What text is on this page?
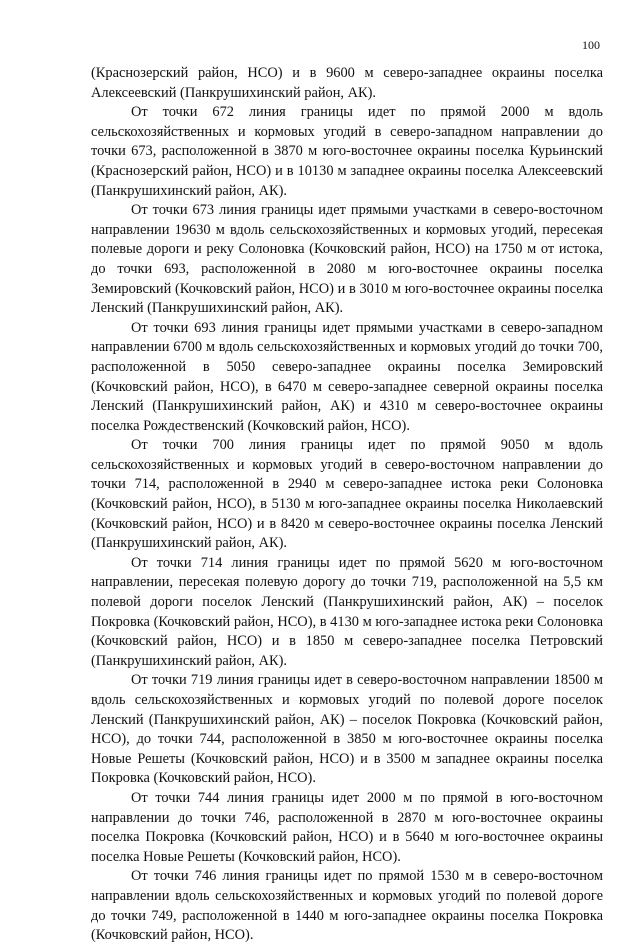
100

(Краснозерский район, НСО) и в 9600 м северо-западнее окраины поселка Алексеевский (Панкрушихинский район, АК).

От точки 672 линия границы идет по прямой 2000 м вдоль сельскохозяйственных и кормовых угодий в северо-западном направлении до точки 673, расположенной в 3870 м юго-восточнее окраины поселка Курьинский (Краснозерский район, НСО) и в 10130 м западнее окраины поселка Алексеевский (Панкрушихинский район, АК).

От точки 673 линия границы идет прямыми участками в северо-восточном направлении 19630 м вдоль сельскохозяйственных и кормовых угодий, пересекая полевые дороги и реку Солоновка (Кочковский район, НСО) на 1750 м от истока, до точки 693, расположенной в 2080 м юго-восточнее окраины поселка Земировский (Кочковский район, НСО) и в 3010 м юго-восточнее окраины поселка Ленский (Панкрушихинский район, АК).

От точки 693 линия границы идет прямыми участками в северо-западном направлении 6700 м вдоль сельскохозяйственных и кормовых угодий до точки 700, расположенной в 5050 северо-западнее окраины поселка Земировский (Кочковский район, НСО), в 6470 м северо-западнее северной окраины поселка Ленский (Панкрушихинский район, АК) и 4310 м северо-восточнее окраины поселка Рождественский (Кочковский район, НСО).

От точки 700 линия границы идет по прямой 9050 м вдоль сельскохозяйственных и кормовых угодий в северо-восточном направлении до точки 714, расположенной в 2940 м северо-западнее истока реки Солоновка (Кочковский район, НСО), в 5130 м юго-западнее окраины поселка Николаевский (Кочковский район, НСО) и в 8420 м северо-восточнее окраины поселка Ленский (Панкрушихинский район, АК).

От точки 714 линия границы идет по прямой 5620 м юго-восточном направлении, пересекая полевую дорогу до точки 719, расположенной на 5,5 км полевой дороги поселок Ленский (Панкрушихинский район, АК) – поселок Покровка (Кочковский район, НСО), в 4130 м юго-западнее истока реки Солоновка (Кочковский район, НСО) и в 1850 м северо-западнее поселка Петровский (Панкрушихинский район, АК).

От точки 719 линия границы идет в северо-восточном направлении 18500 м вдоль сельскохозяйственных и кормовых угодий по полевой дороге поселок Ленский (Панкрушихинский район, АК) – поселок Покровка (Кочковский район, НСО), до точки 744, расположенной в 3850 м юго-восточнее окраины поселка Новые Решеты (Кочковский район, НСО) и в 3500 м западнее окраины поселка Покровка (Кочковский район, НСО).

От точки 744 линия границы идет 2000 м по прямой в юго-восточном направлении до точки 746, расположенной в 2870 м юго-восточнее окраины поселка Покровка (Кочковский район, НСО) и в 5640 м юго-восточнее окраины поселка Новые Решеты (Кочковский район, НСО).

От точки 746 линия границы идет по прямой 1530 м в северо-восточном направлении вдоль сельскохозяйственных и кормовых угодий по полевой дороге до точки 749, расположенной в 1440 м юго-западнее окраины поселка Покровка (Кочковский район, НСО).
